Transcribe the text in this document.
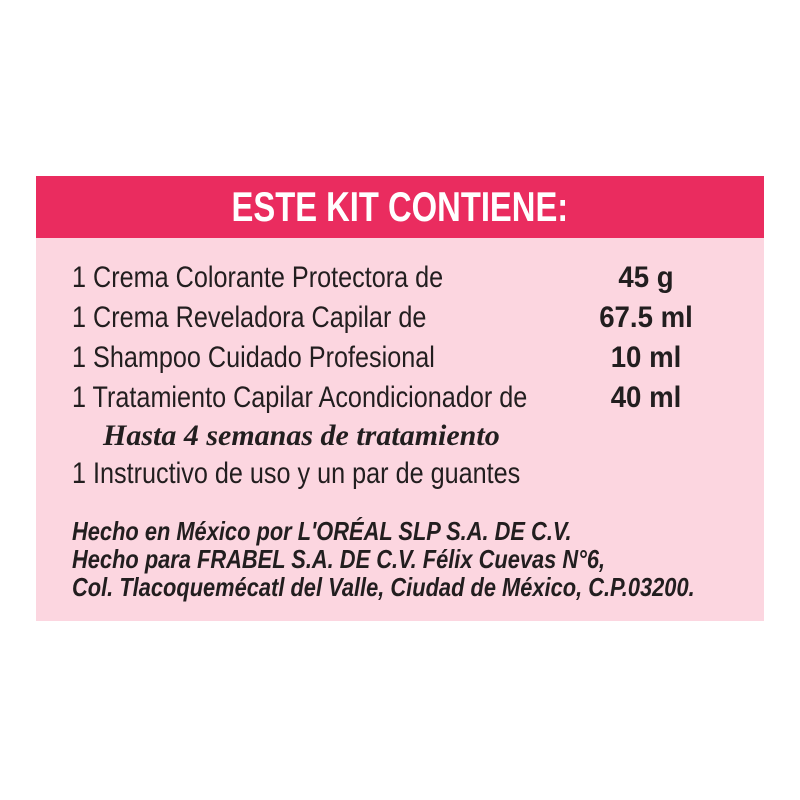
ESTE KIT CONTIENE:
1 Crema Colorante Protectora de	45 g
1 Crema Reveladora Capilar de	67.5 ml
1 Shampoo Cuidado Profesional	10 ml
1 Tratamiento Capilar Acondicionador de	40 ml
Hasta 4 semanas de tratamiento
1 Instructivo de uso y un par de guantes
Hecho en México por L'ORÉAL SLP S.A. DE C.V.
Hecho para FRABEL S.A. DE C.V. Félix Cuevas N°6,
Col. Tlacoquemécatl del Valle, Ciudad de México, C.P.03200.
